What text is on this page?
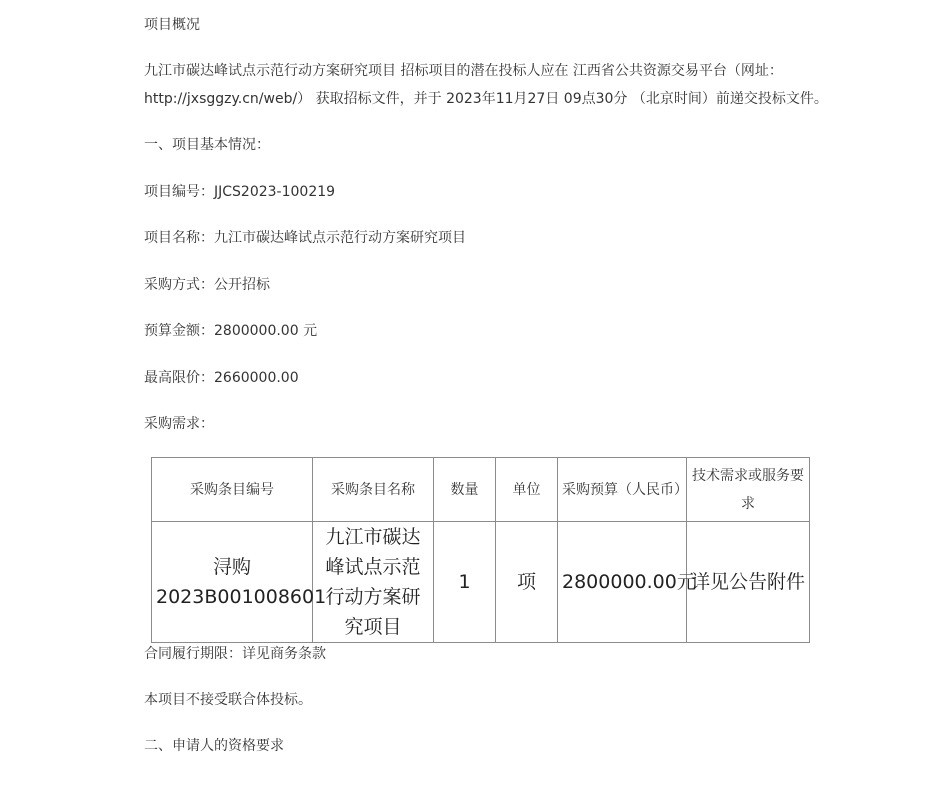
项目概况
九江市碳达峰试点示范行动方案研究项目 招标项目的潜在投标人应在 江西省公共资源交易平台（网址：
http://jxsggzy.cn/web/） 获取招标文件，并于 2023年11月27日 09点30分 （北京时间）前递交投标文件。
一、项目基本情况：
项目编号：JJCS2023-100219
项目名称：九江市碳达峰试点示范行动方案研究项目
采购方式：公开招标
预算金额：2800000.00 元
最高限价：2660000.00
采购需求：
采购条目编号	采购条目名称	数量	单位	采购预算（人民币）	技术需求或服务要求
浔购2023B001008601	九江市碳达峰试点示范行动方案研究项目	1	项	2800000.00元	详见公告附件
合同履行期限：详见商务条款
本项目不接受联合体投标。
二、申请人的资格要求
